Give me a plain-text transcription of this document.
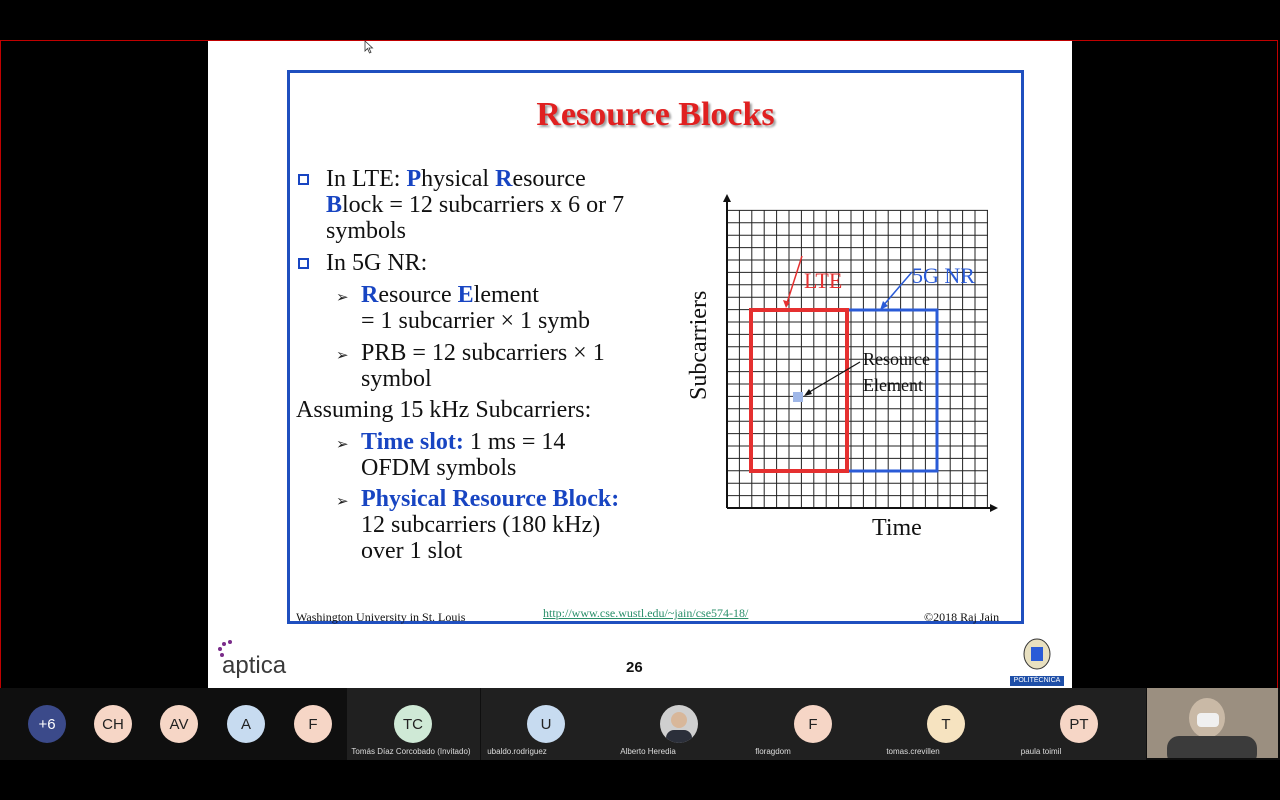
Resource Blocks
In LTE: Physical Resource
Block = 12 subcarriers x 6 or 7
symbols
In 5G NR:
➢ Resource Element
= 1 subcarrier × 1 symb
➢ PRB = 12 subcarriers × 1
symbol
Assuming 15 kHz Subcarriers:
➢ Time slot: 1 ms = 14
OFDM symbols
➢ Physical Resource Block:
12 subcarriers (180 kHz)
over 1 slot
LTE	5G NR
Resource
Element
Subcarriers
Time
Washington University in St. Louis	http://www.cse.wustl.edu/~jain/cse574-18/	©2018 Raj Jain
aptica	26
POLITÉCNICA
+6	CH	AV	A	F	TC	U	F	T	PT
Tomás Díaz Corcobado (Invitado)	ubaldo.rodriguez	Alberto Heredia	floragdom	tomas.crevillen	paula toimil
